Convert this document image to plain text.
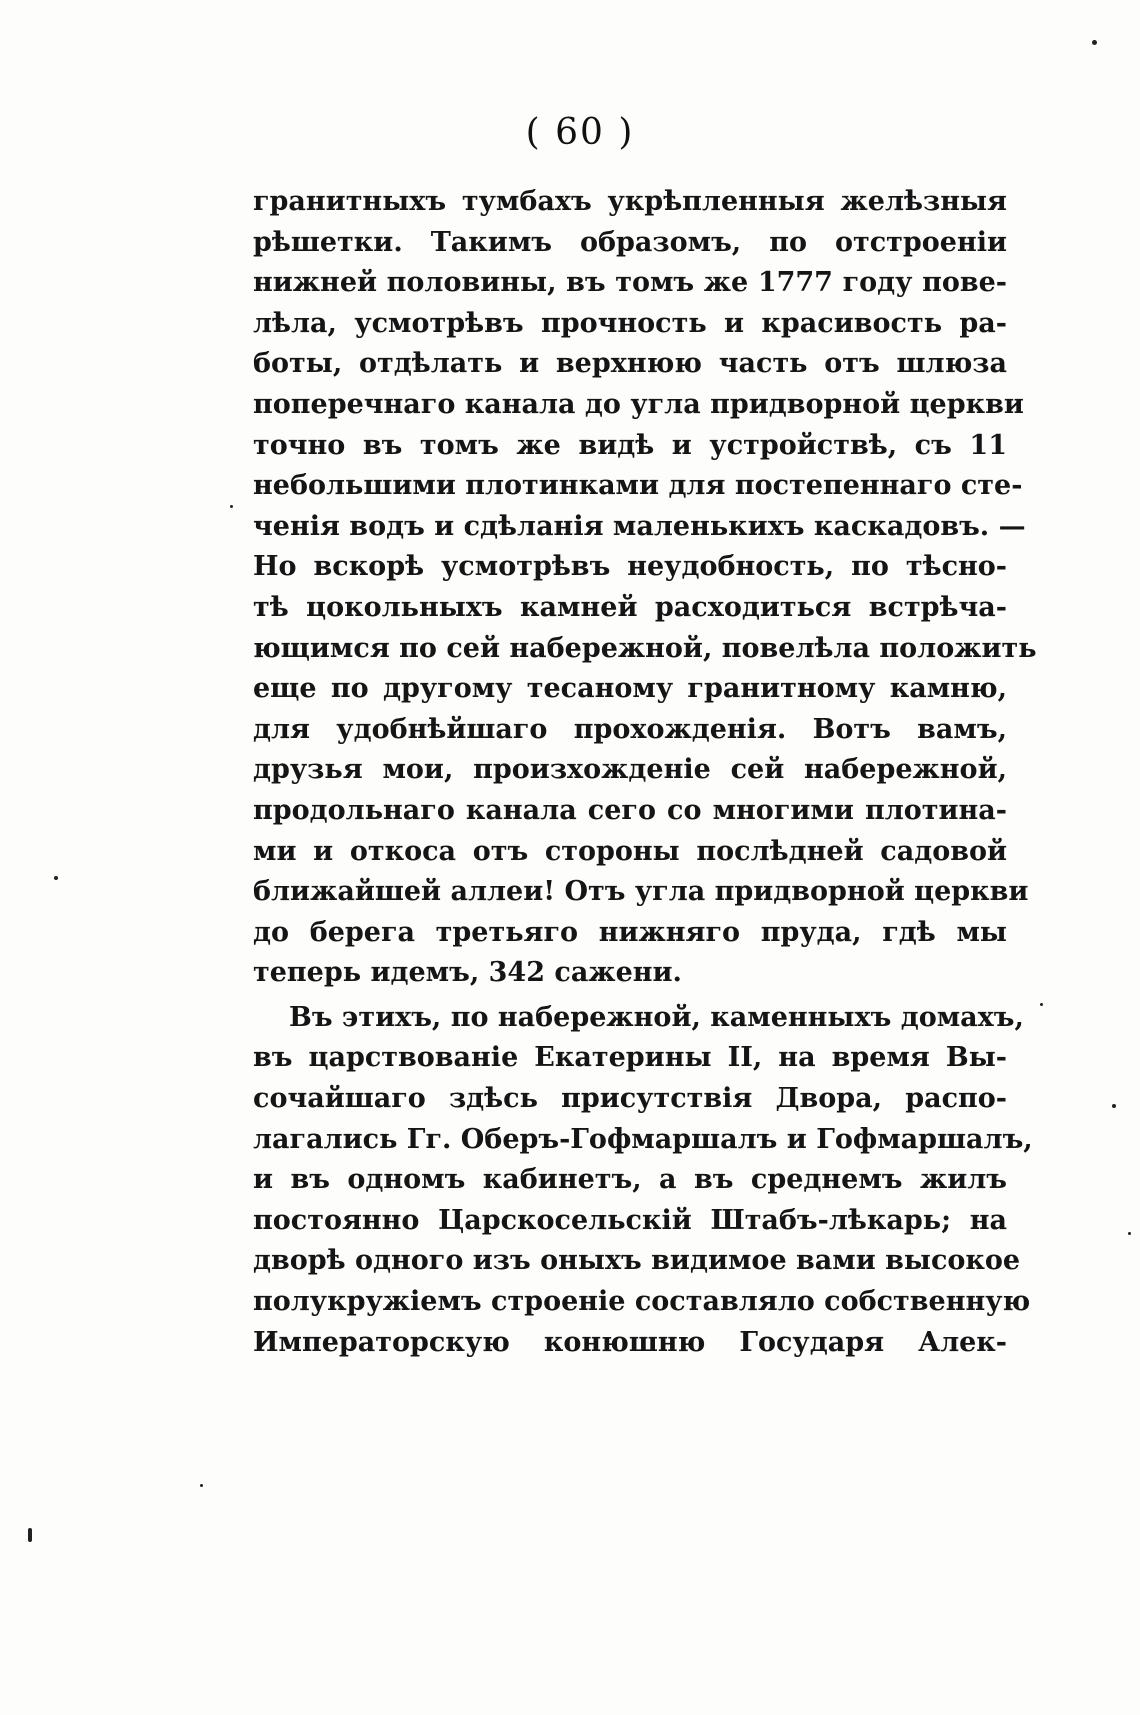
( 60 )
гранитныхъ тумбахъ укрѣпленныя желѣзныя
рѣшетки. Такимъ образомъ, по отстроеніи
нижней половины, въ томъ же 1777 году пове-
лѣла, усмотрѣвъ прочность и красивость ра-
боты, отдѣлать и верхнюю часть отъ шлюза
поперечнаго канала до угла придворной церкви
точно въ томъ же видѣ и устройствѣ, съ 11
небольшими плотинками для постепеннаго сте-
ченія водъ и сдѣланія маленькихъ каскадовъ. —
Но вскорѣ усмотрѣвъ неудобность, по тѣсно-
тѣ цокольныхъ камней расходиться встрѣча-
ющимся по сей набережной, повелѣла положить
еще по другому тесаному гранитному камню,
для удобнѣйшаго прохожденія. Вотъ вамъ,
друзья мои, произхожденіе сей набережной,
продольнаго канала сего со многими плотина-
ми и откоса отъ стороны послѣдней садовой
ближайшей аллеи! Отъ угла придворной церкви
до берега третьяго нижняго пруда, гдѣ мы
теперь идемъ, 342 сажени.
Въ этихъ, по набережной, каменныхъ домахъ,
въ царствованіе Екатерины II, на время Вы-
сочайшаго здѣсь присутствія Двора, распо-
лагались Гг. Оберъ-Гофмаршалъ и Гофмаршалъ,
и въ одномъ кабинетъ, а въ среднемъ жилъ
постоянно Царскосельскій Штабъ-лѣкарь; на
дворѣ одного изъ оныхъ видимое вами высокое
полукружіемъ строеніе составляло собственную
Императорскую конюшню Государя Алек-
